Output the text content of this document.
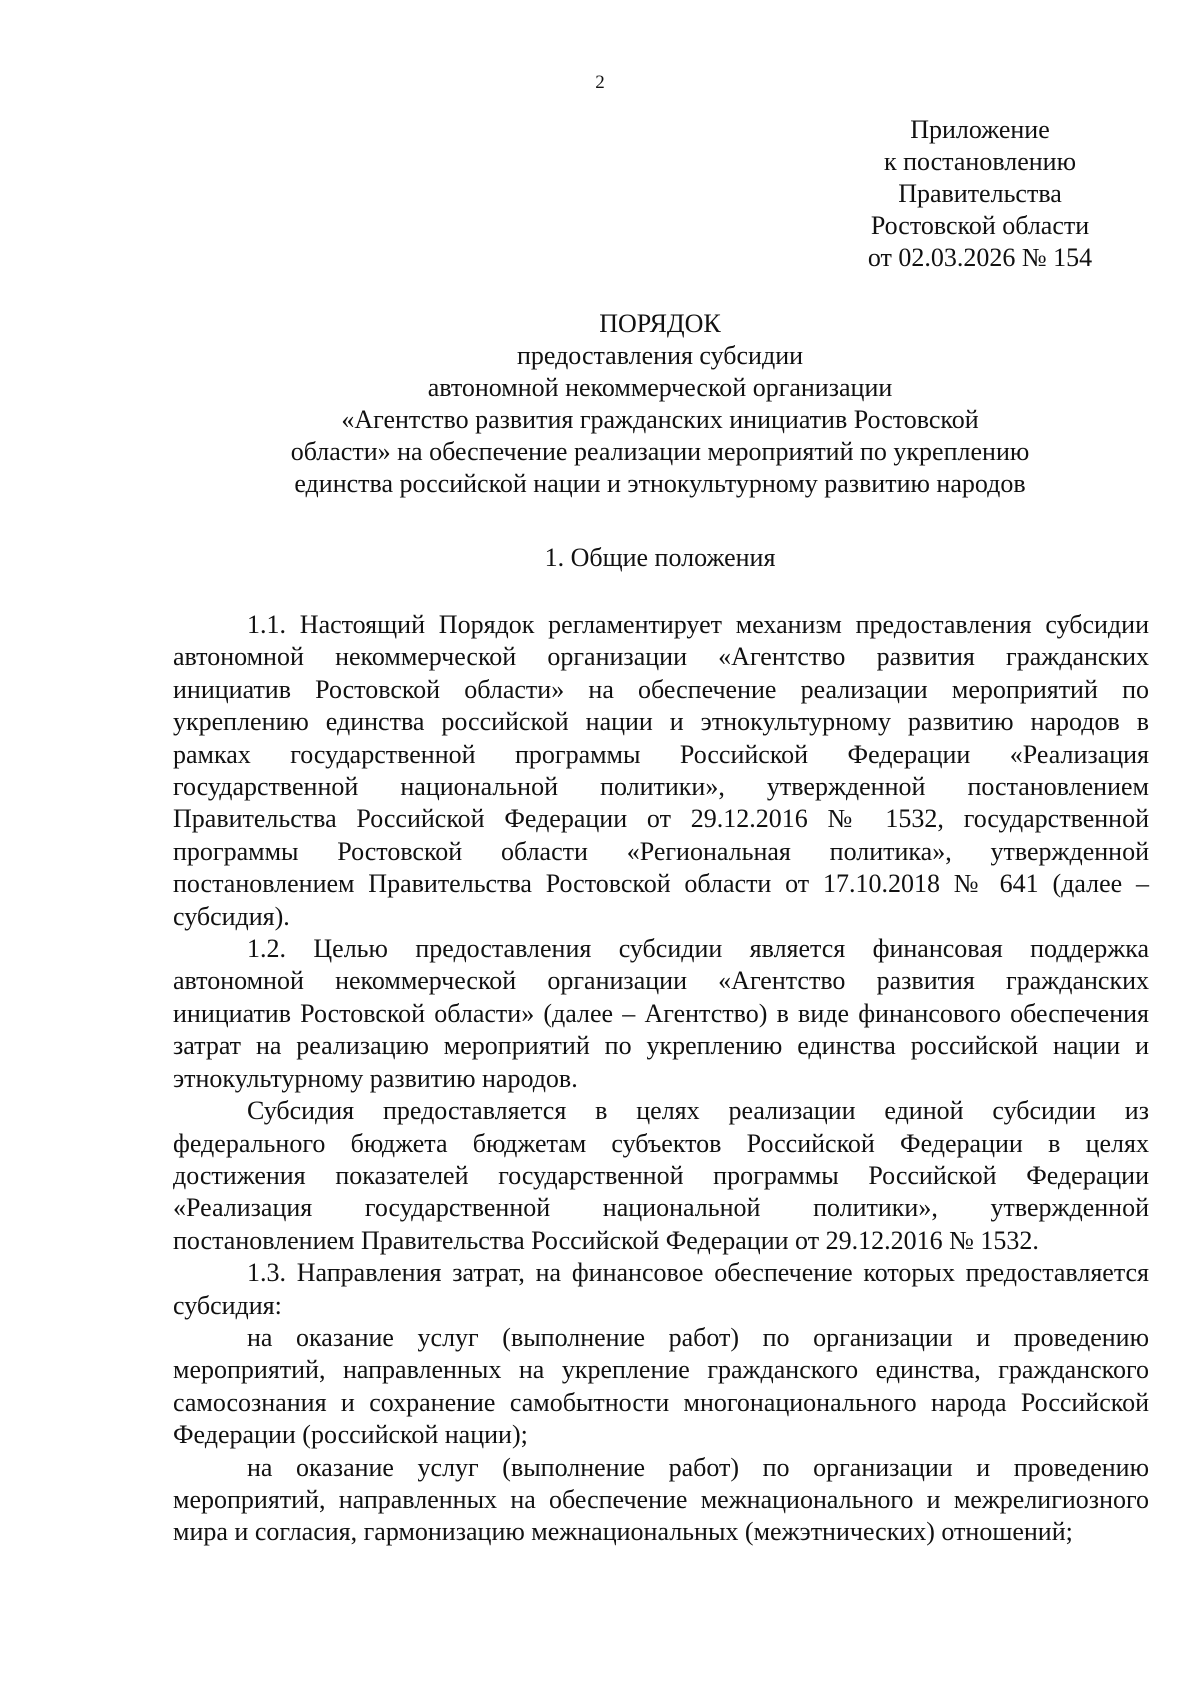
2
Приложение
к постановлению
Правительства
Ростовской области
от 02.03.2026 № 154
ПОРЯДОК
предоставления субсидии
автономной некоммерческой организации
«Агентство развития гражданских инициатив Ростовской
области» на обеспечение реализации мероприятий по укреплению
единства российской нации и этнокультурному развитию народов
1. Общие положения

1.1. Настоящий Порядок регламентирует механизм предоставления субсидии автономной некоммерческой организации «Агентство развития гражданских инициатив Ростовской области» на обеспечение реализации мероприятий по укреплению единства российской нации и этнокультурному развитию народов в рамках государственной программы Российской Федерации «Реализация государственной национальной политики», утвержденной постановлением Правительства Российской Федерации от 29.12.2016 № 1532, государственной программы Ростовской области «Региональная политика», утвержденной постановлением Правительства Ростовской области от 17.10.2018 № 641 (далее – субсидия).

1.2. Целью предоставления субсидии является финансовая поддержка автономной некоммерческой организации «Агентство развития гражданских инициатив Ростовской области» (далее – Агентство) в виде финансового обеспечения затрат на реализацию мероприятий по укреплению единства российской нации и этнокультурному развитию народов.

Субсидия предоставляется в целях реализации единой субсидии из федерального бюджета бюджетам субъектов Российской Федерации в целях достижения показателей государственной программы Российской Федерации «Реализация государственной национальной политики», утвержденной постановлением Правительства Российской Федерации от 29.12.2016 № 1532.

1.3. Направления затрат, на финансовое обеспечение которых предоставляется субсидия:

на оказание услуг (выполнение работ) по организации и проведению мероприятий, направленных на укрепление гражданского единства, гражданского самосознания и сохранение самобытности многонационального народа Российской Федерации (российской нации);

на оказание услуг (выполнение работ) по организации и проведению мероприятий, направленных на обеспечение межнационального и межрелигиозного мира и согласия, гармонизацию межнациональных (межэтнических) отношений;
